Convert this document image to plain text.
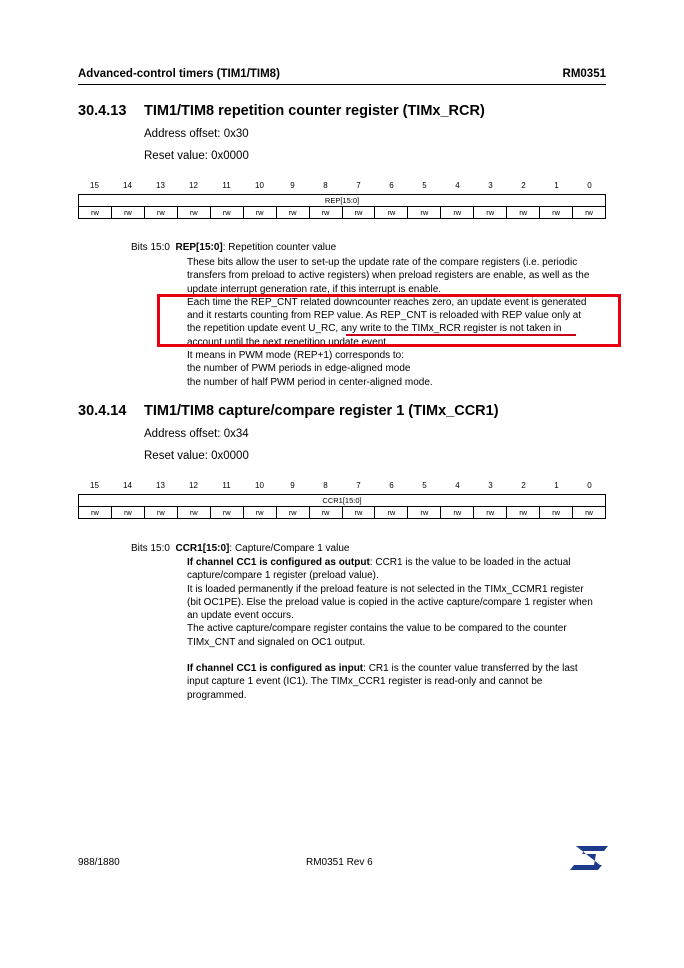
Advanced-control timers (TIM1/TIM8)	RM0351
30.4.13 TIM1/TIM8 repetition counter register (TIMx_RCR)
Address offset: 0x30
Reset value: 0x0000
15	14	13	12	11	10	9	8	7	6	5	4	3	2	1	0
REP[15:0]
rw	rw	rw	rw	rw	rw	rw	rw	rw	rw	rw	rw	rw	rw	rw	rw
Bits 15:0 REP[15:0]: Repetition counter value

These bits allow the user to set-up the update rate of the compare registers (i.e. periodic

transfers from preload to active registers) when preload registers are enable, as well as the

update interrupt generation rate, if this interrupt is enable.

Each time the REP_CNT related downcounter reaches zero, an update event is generated

and it restarts counting from REP value. As REP_CNT is reloaded with REP value only at

the repetition update event U_RC, any write to the TIMx_RCR register is not taken in

account until the next repetition update event.

It means in PWM mode (REP+1) corresponds to:

the number of PWM periods in edge-aligned mode

the number of half PWM period in center-aligned mode.

30.4.14 TIM1/TIM8 capture/compare register 1 (TIMx_CCR1)
Address offset: 0x34
Reset value: 0x0000
15	14	13	12	11	10	9	8	7	6	5	4	3	2	1	0
CCR1[15:0]
rw	rw	rw	rw	rw	rw	rw	rw	rw	rw	rw	rw	rw	rw	rw	rw
Bits 15:0 CCR1[15:0]: Capture/Compare 1 value

If channel CC1 is configured as output: CCR1 is the value to be loaded in the actual

capture/compare 1 register (preload value).

It is loaded permanently if the preload feature is not selected in the TIMx_CCMR1 register

(bit OC1PE). Else the preload value is copied in the active capture/compare 1 register when

an update event occurs.

The active capture/compare register contains the value to be compared to the counter

TIMx_CNT and signaled on OC1 output.

If channel CC1 is configured as input: CR1 is the counter value transferred by the last

input capture 1 event (IC1). The TIMx_CCR1 register is read-only and cannot be

programmed.

988/1880	RM0351 Rev 6
